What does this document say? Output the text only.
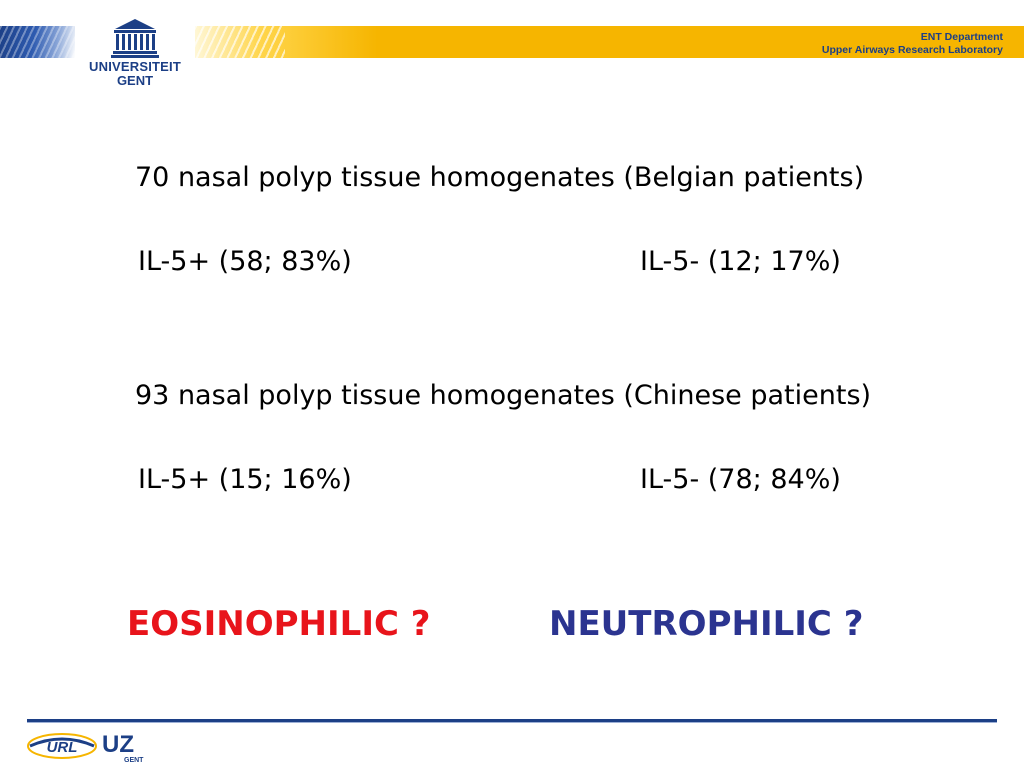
UNIVERSITEIT
GENT
ENT Department
Upper Airways Research Laboratory
70 nasal polyp tissue homogenates (Belgian patients)
IL-5+ (58; 83%)	IL-5- (12; 17%)
93 nasal polyp tissue homogenates (Chinese patients)
IL-5+ (15; 16%)	IL-5- (78; 84%)
EOSINOPHILIC ?	NEUTROPHILIC ?
URL UZ
GENT
